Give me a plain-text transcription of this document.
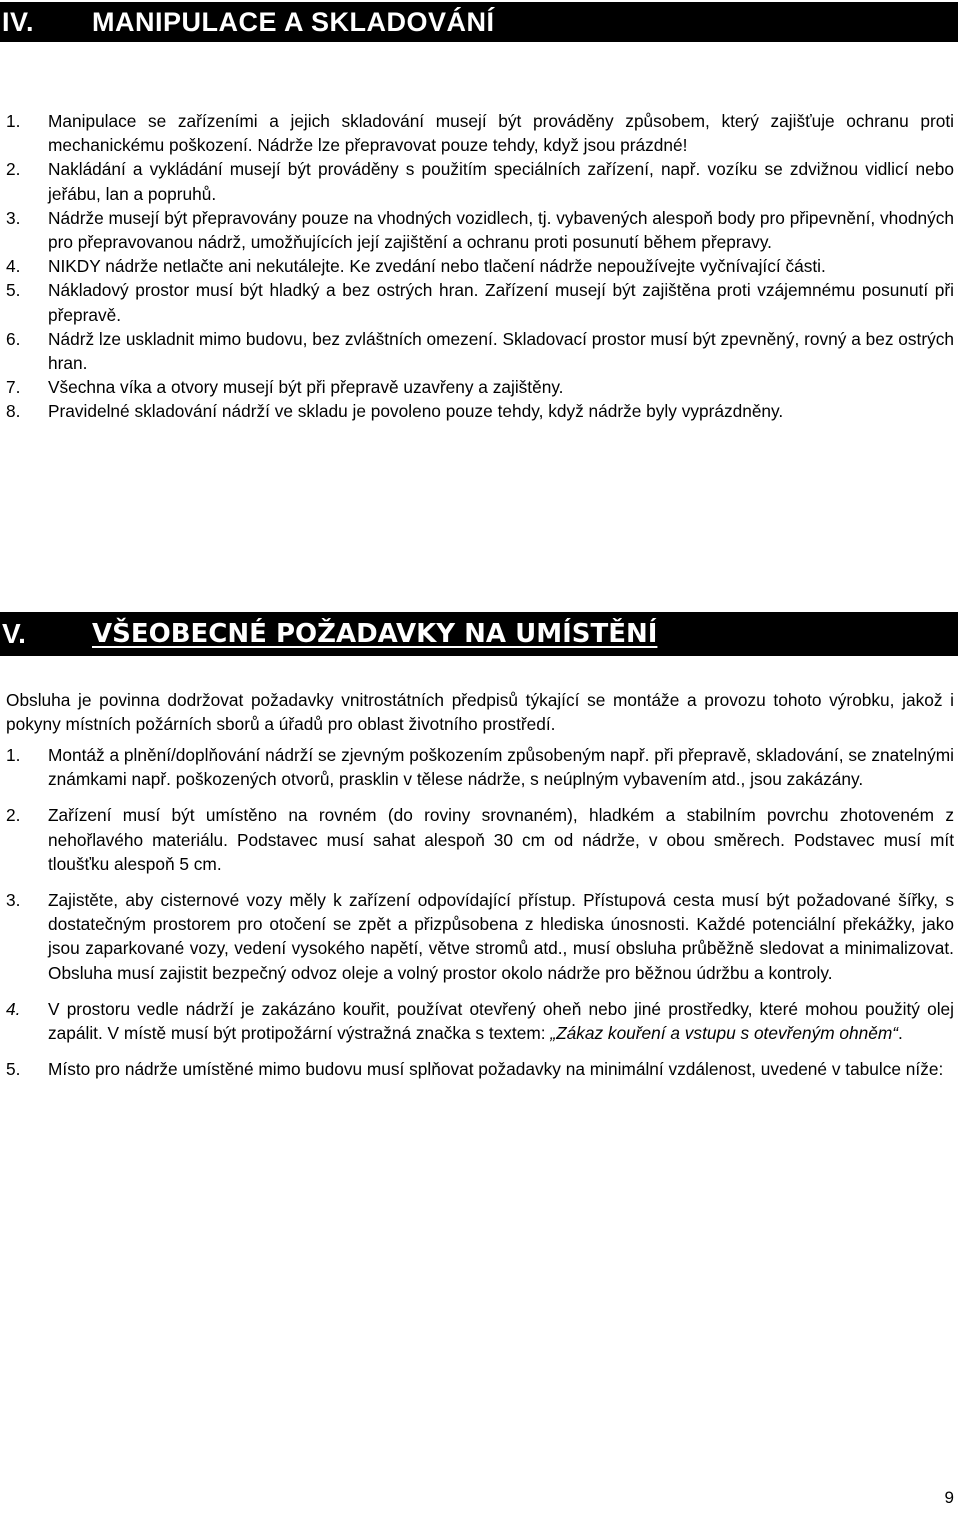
IV.	MANIPULACE A SKLADOVÁNÍ
1.	Manipulace se zařízeními a jejich skladování musejí být prováděny způsobem, který zajišťuje ochranu proti mechanickému poškození. Nádrže lze přepravovat pouze tehdy, když jsou prázdné!
2.	Nakládání a vykládání musejí být prováděny s použitím speciálních zařízení, např. vozíku se zdvižnou vidlicí nebo jeřábu, lan a popruhů.
3.	Nádrže musejí být přepravovány pouze na vhodných vozidlech, tj. vybavených alespoň body pro připevnění, vhodných pro přepravovanou nádrž, umožňujících její zajištění a ochranu proti posunutí během přepravy.
4.	NIKDY nádrže netlačte ani nekutálejte. Ke zvedání nebo tlačení nádrže nepoužívejte vyčnívající části.
5.	Nákladový prostor musí být hladký a bez ostrých hran. Zařízení musejí být zajištěna proti vzájemnému posunutí při přepravě.
6.	Nádrž lze uskladnit mimo budovu, bez zvláštních omezení. Skladovací prostor musí být zpevněný, rovný a bez ostrých hran.
7.	Všechna víka a otvory musejí být při přepravě uzavřeny a zajištěny.
8.	Pravidelné skladování nádrží ve skladu je povoleno pouze tehdy, když nádrže byly vyprázdněny.
V.	VŠEOBECNÉ POŽADAVKY NA UMÍSTĚNÍ

Obsluha je povinna dodržovat požadavky vnitrostátních předpisů týkající se montáže a provozu tohoto výrobku, jakož i pokyny místních požárních sborů a úřadů pro oblast životního prostředí.

1.	Montáž a plnění/doplňování nádrží se zjevným poškozením způsobeným např. při přepravě, skladování, se znatelnými známkami např. poškozených otvorů, prasklin v tělese nádrže, s neúplným vybavením atd., jsou zakázány.
2.	Zařízení musí být umístěno na rovném (do roviny srovnaném), hladkém a stabilním povrchu zhotoveném z nehořlavého materiálu. Podstavec musí sahat alespoň 30 cm od nádrže, v obou směrech. Podstavec musí mít tloušťku alespoň 5 cm.
3.	Zajistěte, aby cisternové vozy měly k zařízení odpovídající přístup. Přístupová cesta musí být požadované šířky, s dostatečným prostorem pro otočení se zpět a přizpůsobena z hlediska únosnosti. Každé potenciální překážky, jako jsou zaparkované vozy, vedení vysokého napětí, větve stromů atd., musí obsluha průběžně sledovat a minimalizovat. Obsluha musí zajistit bezpečný odvoz oleje a volný prostor okolo nádrže pro běžnou údržbu a kontroly.
4.	V prostoru vedle nádrží je zakázáno kouřit, používat otevřený oheň nebo jiné prostředky, které mohou použitý olej zapálit. V místě musí být protipožární výstražná značka s textem: „Zákaz kouření a vstupu s otevřeným ohněm“.
5.	Místo pro nádrže umístěné mimo budovu musí splňovat požadavky na minimální vzdálenost, uvedené v tabulce níže:
9
